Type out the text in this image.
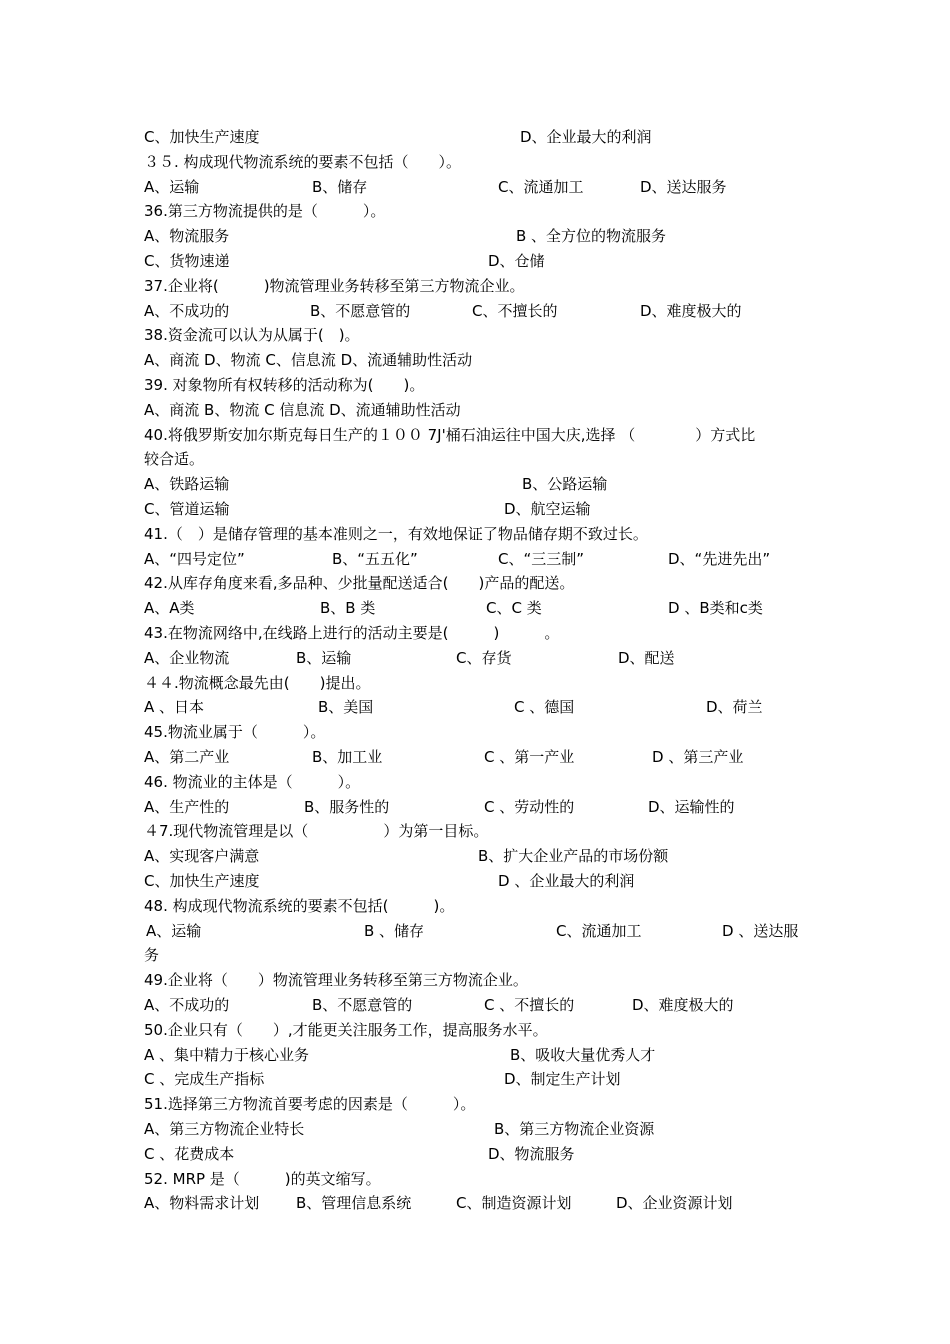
C、加快生产速度	D、企业最大的利润
３５. 构成现代物流系统的要素不包括（　　）。
A、运输	B、储存	C、流通加工	D、送达服务
36.第三方物流提供的是（　　　）。
A、物流服务	B 、全方位的物流服务
C、货物速递	D、仓储
37.企业将(　　　)物流管理业务转移至第三方物流企业。
A、不成功的	B、不愿意管的	C、不擅长的	D、难度极大的
38.资金流可以认为从属于(　)。
A、商流 D、物流 C、信息流 D、流通辅助性活动
39. 对象物所有权转移的活动称为(　　)。
A、商流 B、物流 C 信息流 D、流通辅助性活动
40.将俄罗斯安加尔斯克每日生产的１００ 7J'桶石油运往中国大庆,选择 （　　　　）方式比
较合适。
A、铁路运输	B、公路运输
C、管道运输	D、航空运输
41.（　）是储存管理的基本准则之一，有效地保证了物品储存期不致过长。
A、“四号定位”	B、“五五化”	C、“三三制”	D、“先进先出”
42.从库存角度来看,多品种、少批量配送适合(　　)产品的配送。
A、A类	B、B 类	C、C 类	D 、B类和c类
43.在物流网络中,在线路上进行的活动主要是(　　　)　　　。
A、企业物流	B、运输	C、存货	D、配送
４４.物流概念最先由(　　)提出。
A 、日本	B、美国	C 、德国	D、荷兰
45.物流业属于（　　　）。
A、第二产业	B、加工业	C 、第一产业	D 、第三产业
46. 物流业的主体是（　　　）。
A、生产性的	B、服务性的	C 、劳动性的	D、运输性的
４7.现代物流管理是以（　　　　　）为第一目标。
A、实现客户满意	B、扩大企业产品的市场份额
C、加快生产速度	D 、企业最大的利润
48. 构成现代物流系统的要素不包括(　　　)。
A、运输	B 、储存	C、流通加工	D 、送达服
务
49.企业将（　　）物流管理业务转移至第三方物流企业。
A、不成功的	B、不愿意管的	C 、不擅长的	D、难度极大的
50.企业只有（　　）,才能更关注服务工作，提高服务水平。
A 、集中精力于核心业务	B、吸收大量优秀人才
C 、完成生产指标	D、制定生产计划
51.选择第三方物流首要考虑的因素是（　　　）。
A、第三方物流企业特长	B、第三方物流企业资源
C 、花费成本	D、物流服务
52. MRP 是（　　　)的英文缩写。
A、物料需求计划 B、管理信息系统	C、制造资源计划	D、企业资源计划
